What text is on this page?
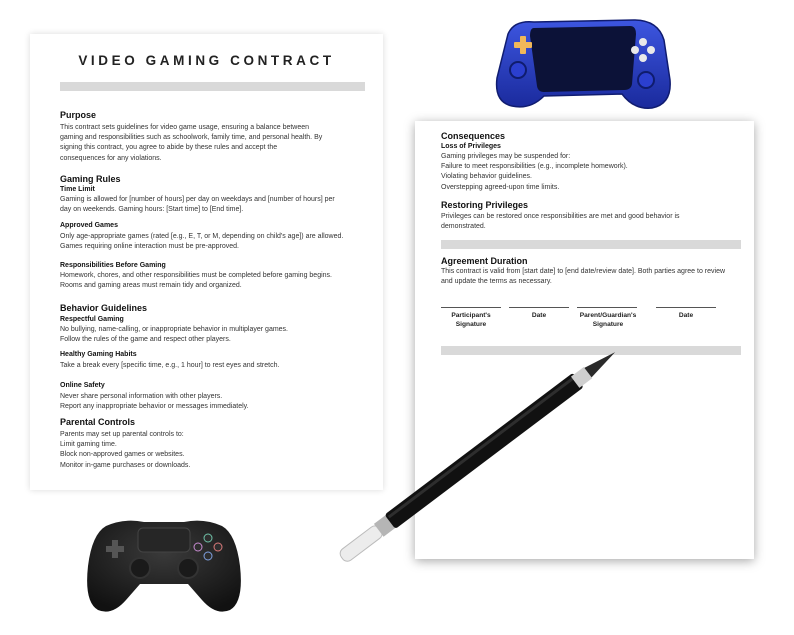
VIDEO GAMING CONTRACT
Purpose
This contract sets guidelines for video game usage, ensuring a balance between
gaming and responsibilities such as schoolwork, family time, and personal health. By
signing this contract, you agree to abide by these rules and accept the
consequences for any violations.
Gaming Rules
Time Limit
Gaming is allowed for [number of hours] per day on weekdays and [number of hours] per
day on weekends. Gaming hours: [Start time] to [End time].
Approved Games
Only age-appropriate games (rated [e.g., E, T, or M, depending on child's age]) are allowed.
Games requiring online interaction must be pre-approved.
Responsibilities Before Gaming
Homework, chores, and other responsibilities must be completed before gaming begins.
Rooms and gaming areas must remain tidy and organized.
Behavior Guidelines
Respectful Gaming
No bullying, name-calling, or inappropriate behavior in multiplayer games.
Follow the rules of the game and respect other players.
Healthy Gaming Habits
Take a break every [specific time, e.g., 1 hour] to rest eyes and stretch.
Online Safety
Never share personal information with other players.
Report any inappropriate behavior or messages immediately.
Parental Controls
Parents may set up parental controls to:
Limit gaming time.
Block non-approved games or websites.
Monitor in-game purchases or downloads.
Consequences
Loss of Privileges
Gaming privileges may be suspended for:
Failure to meet responsibilities (e.g., incomplete homework).
Violating behavior guidelines.
Overstepping agreed-upon time limits.
Restoring Privileges
Privileges can be restored once responsibilities are met and good behavior is
demonstrated.
Agreement Duration
This contract is valid from [start date] to [end date/review date]. Both parties agree to review
and update the terms as necessary.
Participant's
Signature
Date	Parent/Guardian's
Signature
Date
